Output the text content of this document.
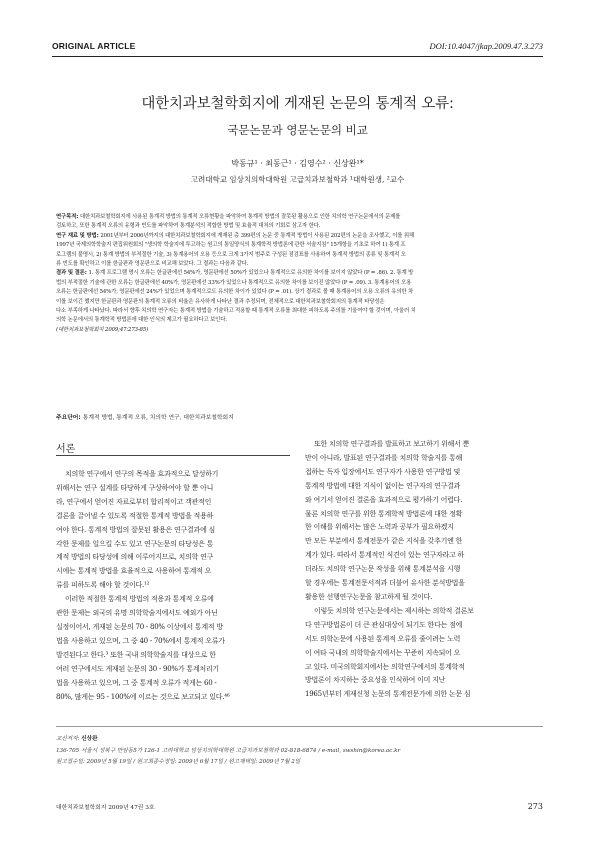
ORIGINAL ARTICLE	DOI:10.4047/jkap.2009.47.3.273
대한치과보철학회지에 게재된 논문의 통계적 오류:
국문논문과 영문논문의 비교
박동규¹ · 최동근¹ · 김영수² · 신상완¹*
고려대학교 임상치의학대학원 고급치과보철학과 ¹대학원생, ²교수
연구목적: 대한치과보철학회지에 사용된 통계적 방법의 통계적 오류현황을 파악하여 통계적 방법의 잘못된 활용으로 인한 치의학 연구논문에서의 문제를
검토하고, 또한 통계적 오류의 유형과 빈도를 파악하여 통계분석의 적합한 방법 및 효율적 대처의 기회로 삼고자 한다.
연구 재료 및 방법: 2001년부터 2006년까지의 대한치과보철학회지에 게재된 총 399편의 논문 중 통계적 방법이 사용된 202편의 논문을 조사했고, 이를 위해
1997년 국제의학학술지 편집위원회의 "생의학 학술지에 투고하는 원고의 통일양식의 통계학적 방법론에 관한 서술지침" 15개항을 기초로 하여 1) 통계 프
로그램의 불명시, 2) 통계 방법의 부적절한 기술, 3) 통계용어의 오용 등으로 크게 3가지 범주로 구성된 점검표를 사용하여 통계적 방법의 종류 및 통계적 오
류 빈도를 확인하고 이를 한글판과 영문판으로 비교해 보았다. 그 결과는 다음과 같다.
결과 및 결론: 1. 통계 프로그램 명시 오류는 한글판에선 54%가, 영문판에선 50%가 있었으나 통계적으로 유의한 차이를 보이지 않았다 (P = .86). 2. 통계 방
법의 부적절한 기술에 관한 오류는 한글판에선 40%가, 영문판에선 33%가 있었으나 통계적으로 유의한 차이를 보이진 않았다 (P = .09). 3. 통계용어의 오용
오류는 한글판에선 54%가, 영문판에선 24%가 있었으며 통계적으로도 유의한 차이가 있었다 (P = .01). 상기 결과로 볼 때 통계용어의 오용 오류의 유의한 차
이를 보이긴 했지만 한글판과 영문판의 통계적 오류의 비율은 유사하게 나타난 결과 추정되며, 전체적으로 대한치과보철학회지의 통계적 타당성은
다소 부족하게 나타났다. 따라서 향후 치의학 연구자는 통계적 방법을 기술하고 적용할 때 통계적 오류를 최대한 피하도록 주의를 기울여야 할 것이며, 아울러 치
의학 논문에서의 통계학적 방법론에 대한 인식의 제고가 필요하다고 보인다.
(대한치과보철학회지 2009;47:273-85)
주요단어: 통계적 방법, 통계적 오류, 치의학 연구, 대한치과보철학회지
서론
치의학 연구에서 연구의 목적을 효과적으로 달성하기
위해서는 연구 설계를 타당하게 구상하여야 할 뿐 아니
라, 연구에서 얻어진 자료로부터 합리적이고 객관적인
결론을 끌어낼 수 있도록 적절한 통계적 방법을 적용하
여야 한다. 통계적 방법의 잘못된 활용은 연구결과에 심
각한 문제를 일으킬 수도 있고 연구논문의 타당성은 통
계적 방법의 타당성에 의해 이루어지므로, 치의학 연구
시에는 통계적 방법을 효율적으로 사용하여 통계적 오
류를 피하도록 해야 할 것이다.¹²
이러한 적절한 통계적 방법의 적용과 통계적 오류에
관한 문제는 외국의 유명 의학학술지에서도 예외가 아닌
실정이어서, 게재된 논문의 70 - 80% 이상에서 통계적 방
법을 사용하고 있으며, 그 중 40 - 70%에서 통계적 오류가
발견된다고 한다.³ 또한 국내 의학학술지를 대상으로 한
여러 연구에서도 게재된 논문의 30 - 90%가 통계처리기
법을 사용하고 있으며, 그 중 통계적 오류가 적게는 60 -
80%, 많게는 95 - 100%에 이르는 것으로 보고되고 있다.⁴⁶
또한 치의학 연구결과를 발표하고 보고하기 위해서 뿐
만이 아니라, 발표된 연구결과를 치의학 학술지를 통해
접하는 독자 입장에서도 연구자가 사용한 연구방법 및
통계적 방법에 대한 지식이 없이는 연구자의 연구결과
와 여기서 얻어진 결론을 효과적으로 평가하기 어렵다.
물론 치의학 연구를 위한 통계학적 방법론에 대한 정확
한 이해를 위해서는 많은 노력과 공부가 필요하겠지
만 모든 부분에서 통계전문가 같은 지식을 갖추기엔 한
계가 있다. 따라서 통계적인 식견이 있는 연구자라고 하
더라도 치의학 연구논문 작성을 위해 통계분석을 시행
할 경우에는 통계전문서적과 더불어 유사한 분석방법을
활용한 선행연구논문을 참고하게 될 것이다.
이렇듯 치의학 연구논문에서는 제시하는 의학적 결론보
다 연구방법론이 더 큰 관심대상이 되기도 한다는 점에
서도 의학논문에 사용된 통계적 오류를 줄이려는 노력
이 여타 국내의 의학학술지에서는 꾸준히 지속되어 오
고 있다. 미국의학회지에서는 의학연구에서의 통계학적
방법론이 차지하는 중요성을 인식하여 이미 지난
1965년부터 게재신청 논문의 통계전문가에 의한 논문 심
교신저자: 신상완
136-705 서울시 성북구 안암동5가 126-1 고려대학교 임상치의학대학원 고급치과보철학과 02-818-6874 / e-mail, swshin@korea.ac.kr
원고접수일: 2009년 5월 19일 / 원고최종수정일: 2009년 6월 17일 / 원고채택일: 2009년 7월 2일
대한치과보철학회지 2009년 47권 3호	273
